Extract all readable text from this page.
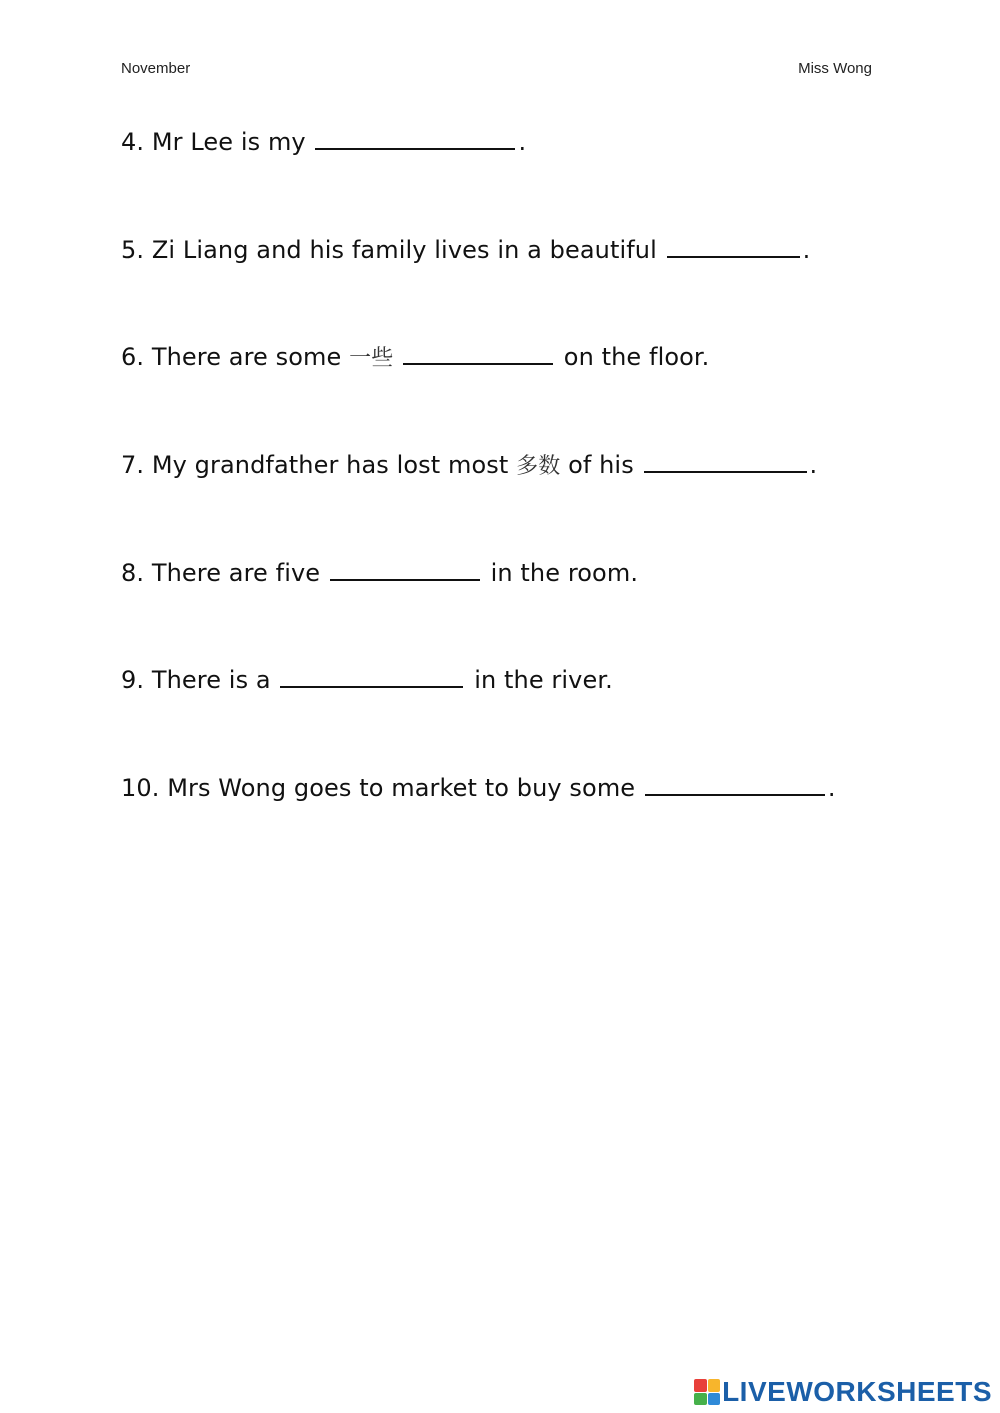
November	Miss Wong
4. Mr Lee is my	.
5. Zi Liang and his family lives in a beautiful	.
6. There are some 一些	on the floor.
7. My grandfather has lost most 多数 of his	.
8. There are five	in the room.
9. There is a	in the river.
10. Mrs Wong goes to market to buy some	.
LIVEWORKSHEETS
